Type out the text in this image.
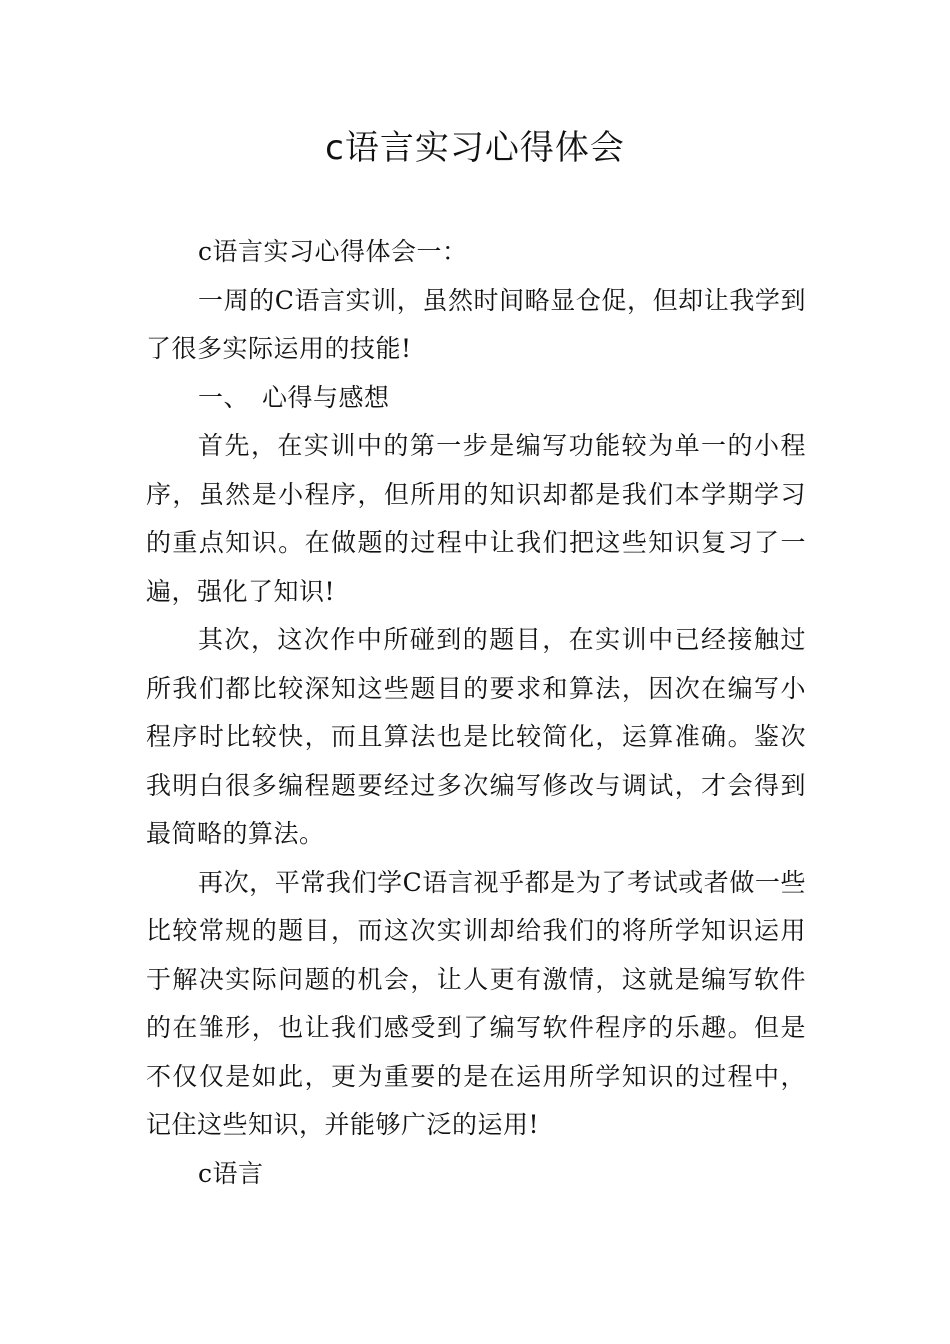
c语言实习心得体会

c语言实习心得体会一：

一周的C语言实训，虽然时间略显仓促，但却让我学到了很多实际运用的技能!

一、 心得与感想

首先，在实训中的第一步是编写功能较为单一的小程序，虽然是小程序，但所用的知识却都是我们本学期学习的重点知识。在做题的过程中让我们把这些知识复习了一遍，强化了知识!

其次，这次作中所碰到的题目，在实训中已经接触过所我们都比较深知这些题目的要求和算法，因次在编写小程序时比较快，而且算法也是比较简化，运算准确。鉴次我明白很多编程题要经过多次编写修改与调试，才会得到最简略的算法。

再次，平常我们学C语言视乎都是为了考试或者做一些比较常规的题目，而这次实训却给我们的将所学知识运用于解决实际问题的机会，让人更有激情，这就是编写软件的在雏形，也让我们感受到了编写软件程序的乐趣。但是不仅仅是如此，更为重要的是在运用所学知识的过程中，记住这些知识，并能够广泛的运用!

c语言
